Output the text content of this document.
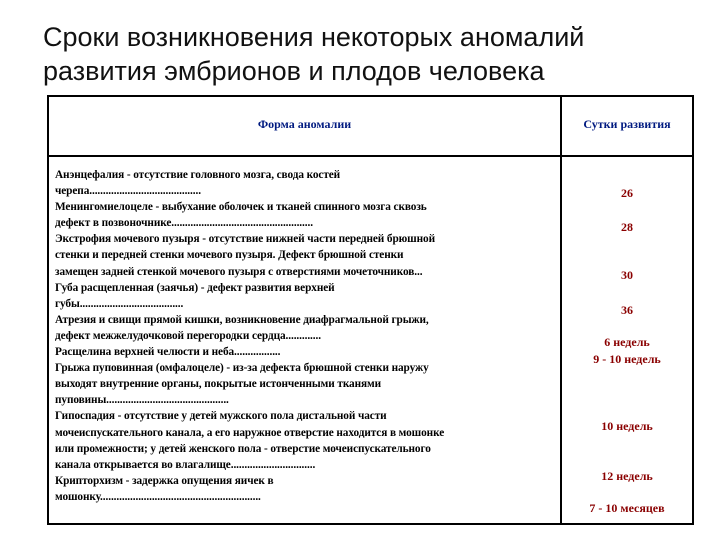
Сроки возникновения некоторых аномалий
развития эмбрионов и плодов человека
Форма аномалии	Сутки развития
Анэнцефалия - отсутствие головного мозга, свода костей
черепа.........................................
Менингомиелоцеле - выбухание оболочек и тканей спинного мозга сквозь
дефект в позвоночнике....................................................
Экстрофия мочевого пузыря - отсутствие нижней части передней брюшной
стенки и передней стенки мочевого пузыря. Дефект брюшной стенки
замещен задней стенкой мочевого пузыря с отверстиями мочеточников...
Губа расщепленная (заячья) - дефект развития верхней
губы......................................
Атрезия и свищи прямой кишки, возникновение диафрагмальной грыжи,
дефект межжелудочковой перегородки сердца.............
Расщелина верхней челюсти и неба.................
Грыжа пуповинная (омфалоцеле) - из-за дефекта брюшной стенки наружу
выходят внутренние органы, покрытые истонченными тканями
пуповины.............................................
Гипоспадия - отсутствие у детей мужского пола дистальной части
мочеиспускательного канала, а его наружное отверстие находится в мошонке
или промежности; у детей женского пола - отверстие мочеиспускательного
канала открывается во влагалище...............................
Крипторхизм - задержка опущения яичек в
мошонку...........................................................
26
28
30
36
6 недель
9 - 10 недель
10 недель
12 недель
7 - 10 месяцев
